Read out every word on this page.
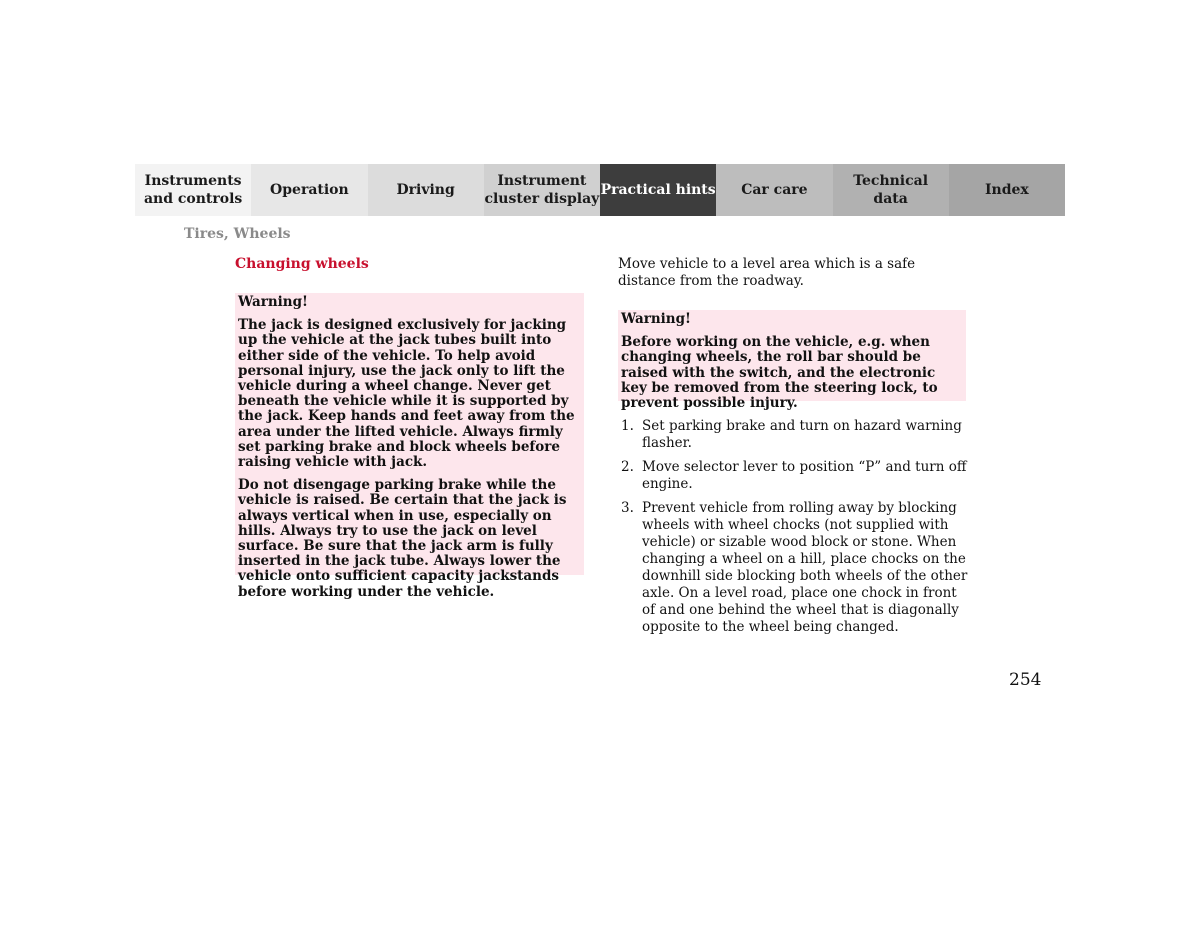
Instruments
and controls
Operation	Driving
Instrument
cluster display
Practical hints	Car care
Technical
data
Index
Tires, Wheels
Changing wheels
Warning!

The jack is designed exclusively for jacking up the vehicle at the jack tubes built into either side of the vehicle. To help avoid personal injury, use the jack only to lift the vehicle during a wheel change. Never get beneath the vehicle while it is supported by the jack. Keep hands and feet away from the area under the lifted vehicle. Always firmly set parking brake and block wheels before raising vehicle with jack.

Do not disengage parking brake while the vehicle is raised. Be certain that the jack is always vertical when in use, especially on hills. Always try to use the jack on level surface. Be sure that the jack arm is fully inserted in the jack tube. Always lower the vehicle onto sufficient capacity jackstands before working under the vehicle.

Move vehicle to a level area which is a safe distance from the roadway.
Warning!

Before working on the vehicle, e.g. when changing wheels, the roll bar should be raised with the switch, and the electronic key be removed from the steering lock, to prevent possible injury.

1. Set parking brake and turn on hazard warning flasher.
2. Move selector lever to position “P” and turn off engine.
3. Prevent vehicle from rolling away by blocking wheels with wheel chocks (not supplied with vehicle) or sizable wood block or stone. When changing a wheel on a hill, place chocks on the downhill side blocking both wheels of the other axle. On a level road, place one chock in front of and one behind the wheel that is diagonally opposite to the wheel being changed.
254
